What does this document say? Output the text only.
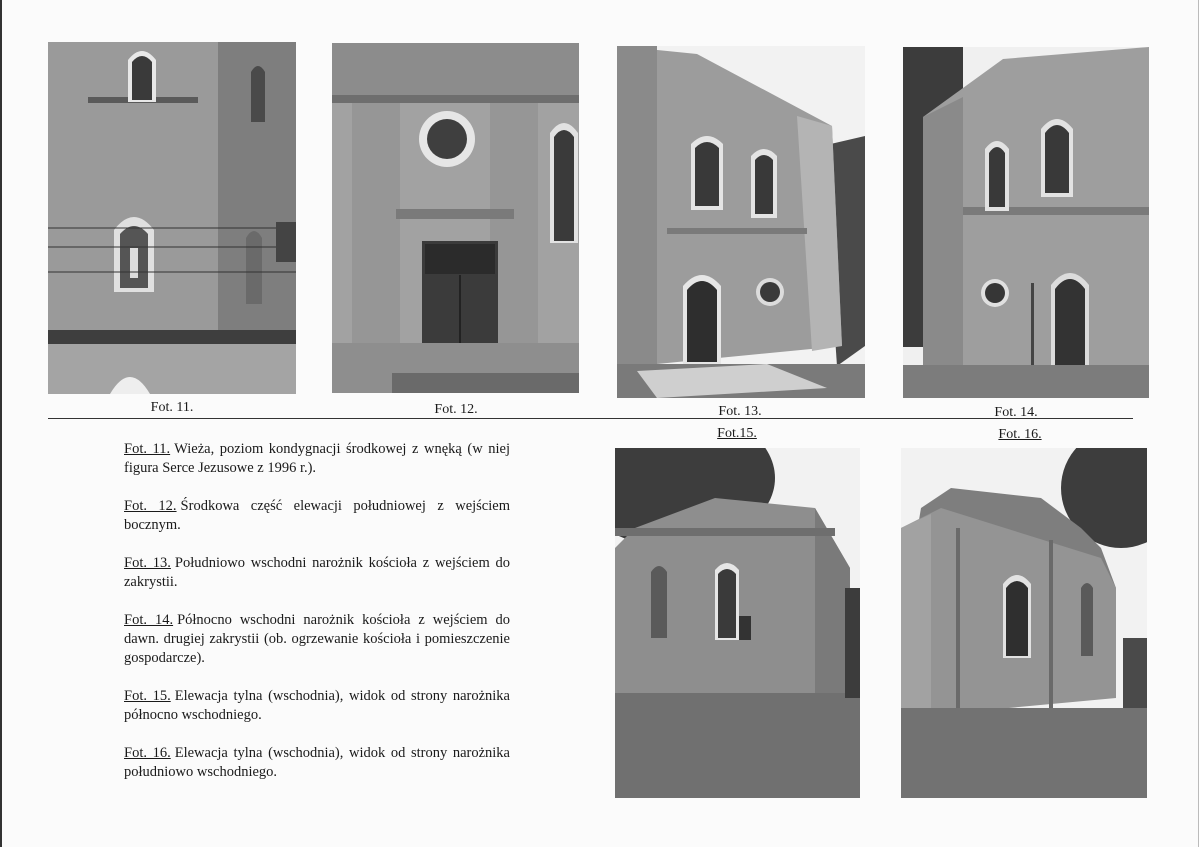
Fot. 11.	Fot. 12.	Fot. 13.	Fot. 14.
Fot.15.	Fot. 16.

Fot. 11. Wieża, poziom kondygnacji środkowej z wnęką (w niej figura Serce Jezusowe z 1996 r.).

Fot. 12. Środkowa część elewacji południowej z wejściem bocznym.

Fot. 13. Południowo wschodni narożnik kościoła z wejściem do zakrystii.

Fot. 14. Północno wschodni narożnik kościoła z wejściem do dawn. drugiej zakrystii (ob. ogrzewanie kościoła i pomieszczenie gospodarcze).

Fot. 15. Elewacja tylna (wschodnia), widok od strony narożnika północno wschodniego.

Fot. 16. Elewacja tylna (wschodnia), widok od strony narożnika południowo wschodniego.
